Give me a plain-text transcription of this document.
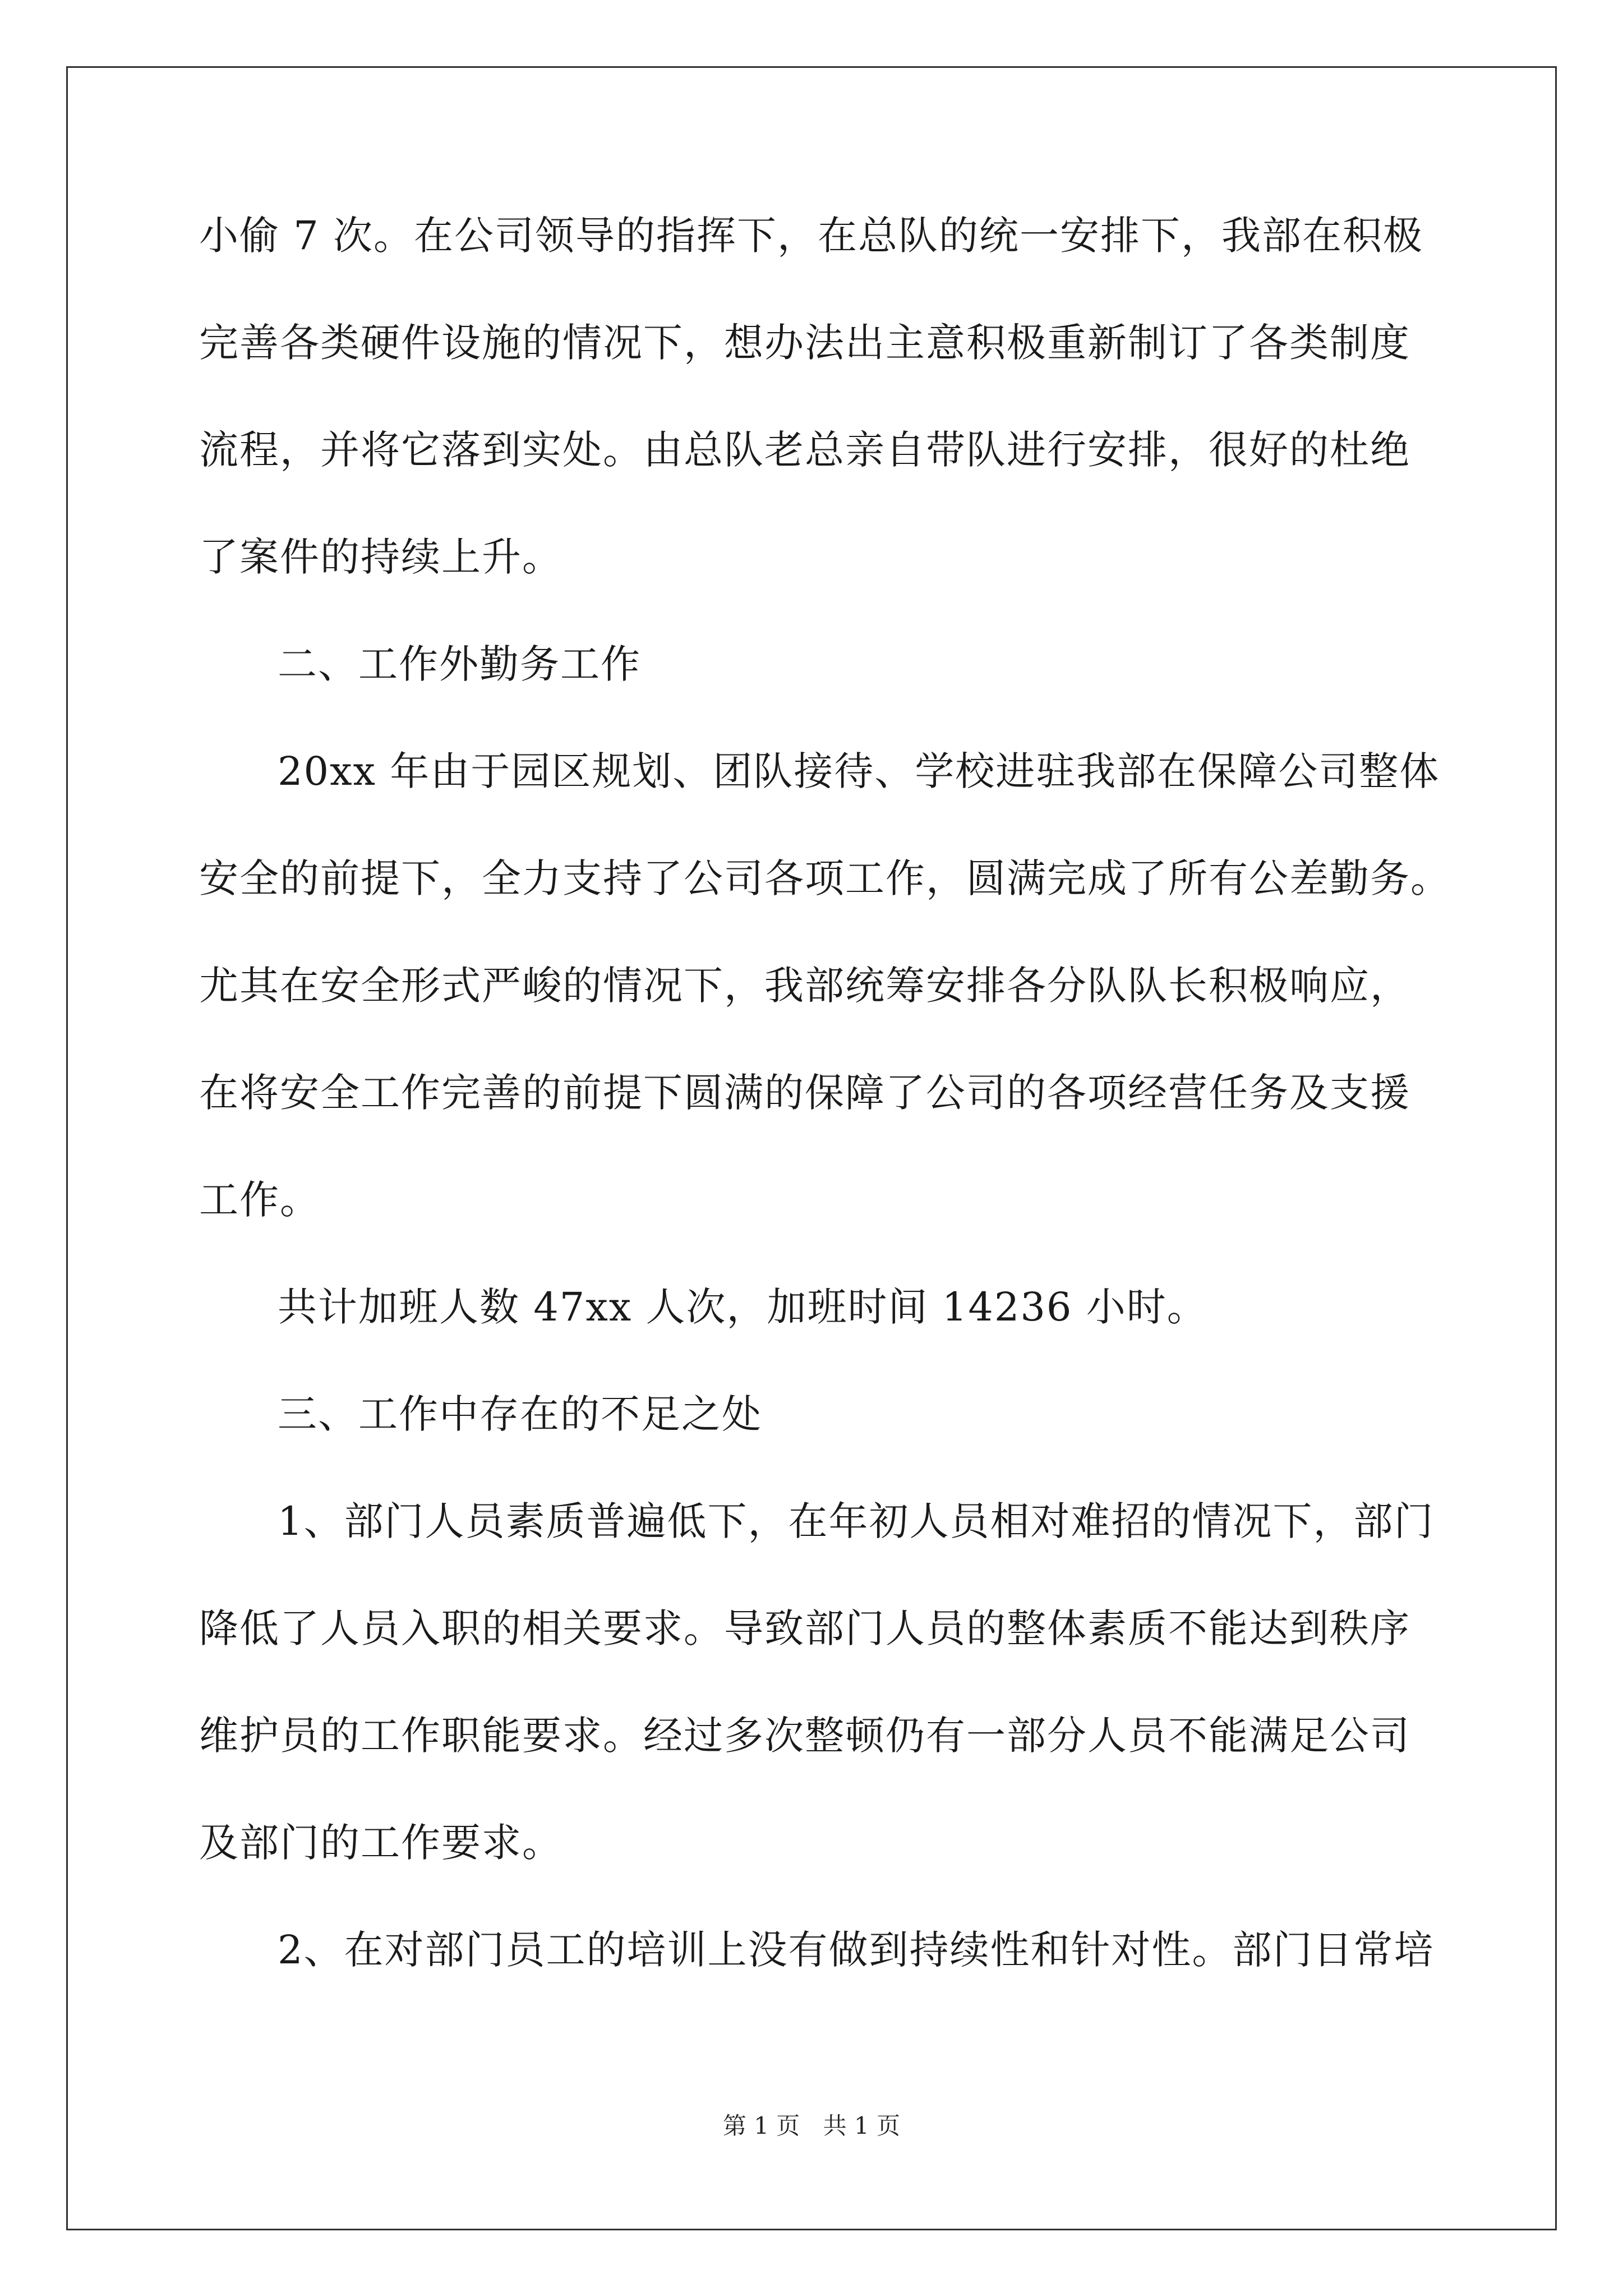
小偷 7 次。在公司领导的指挥下，在总队的统一安排下，我部在积极
完善各类硬件设施的情况下，想办法出主意积极重新制订了各类制度
流程，并将它落到实处。由总队老总亲自带队进行安排，很好的杜绝
了案件的持续上升。
二、工作外勤务工作
20xx 年由于园区规划、团队接待、学校进驻我部在保障公司整体
安全的前提下，全力支持了公司各项工作，圆满完成了所有公差勤务。
尤其在安全形式严峻的情况下，我部统筹安排各分队队长积极响应，
在将安全工作完善的前提下圆满的保障了公司的各项经营任务及支援
工作。
共计加班人数 47xx 人次，加班时间 14236 小时。
三、工作中存在的不足之处
1、部门人员素质普遍低下，在年初人员相对难招的情况下，部门
降低了人员入职的相关要求。导致部门人员的整体素质不能达到秩序
维护员的工作职能要求。经过多次整顿仍有一部分人员不能满足公司
及部门的工作要求。
2、在对部门员工的培训上没有做到持续性和针对性。部门日常培
第 1 页 共 1 页
